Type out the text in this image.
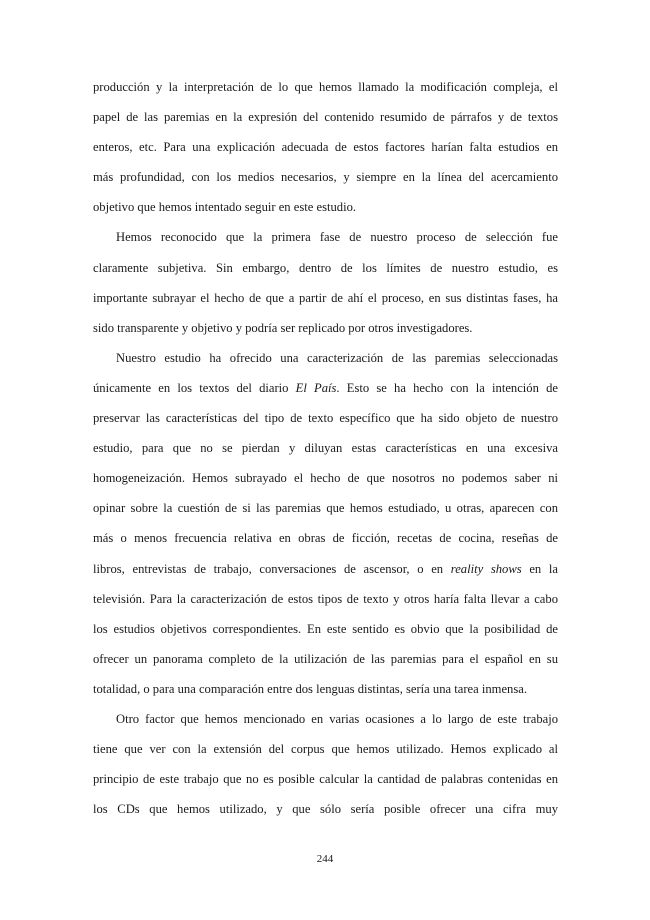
producción y la interpretación de lo que hemos llamado la modificación compleja, el
papel de las paremias en la expresión del contenido resumido de párrafos y de textos
enteros, etc. Para una explicación adecuada de estos factores harían falta estudios en
más profundidad, con los medios necesarios, y siempre en la línea del acercamiento
objetivo que hemos intentado seguir en este estudio.

Hemos reconocido que la primera fase de nuestro proceso de selección fue
claramente subjetiva. Sin embargo, dentro de los límites de nuestro estudio, es
importante subrayar el hecho de que a partir de ahí el proceso, en sus distintas fases, ha
sido transparente y objetivo y podría ser replicado por otros investigadores.

Nuestro estudio ha ofrecido una caracterización de las paremias seleccionadas
únicamente en los textos del diario El País. Esto se ha hecho con la intención de
preservar las características del tipo de texto específico que ha sido objeto de nuestro
estudio, para que no se pierdan y diluyan estas características en una excesiva
homogeneización. Hemos subrayado el hecho de que nosotros no podemos saber ni
opinar sobre la cuestión de si las paremias que hemos estudiado, u otras, aparecen con
más o menos frecuencia relativa en obras de ficción, recetas de cocina, reseñas de
libros, entrevistas de trabajo, conversaciones de ascensor, o en reality shows en la
televisión. Para la caracterización de estos tipos de texto y otros haría falta llevar a cabo
los estudios objetivos correspondientes. En este sentido es obvio que la posibilidad de
ofrecer un panorama completo de la utilización de las paremias para el español en su
totalidad, o para una comparación entre dos lenguas distintas, sería una tarea inmensa.

Otro factor que hemos mencionado en varias ocasiones a lo largo de este trabajo
tiene que ver con la extensión del corpus que hemos utilizado. Hemos explicado al
principio de este trabajo que no es posible calcular la cantidad de palabras contenidas en
los CDs que hemos utilizado, y que sólo sería posible ofrecer una cifra muy

244
